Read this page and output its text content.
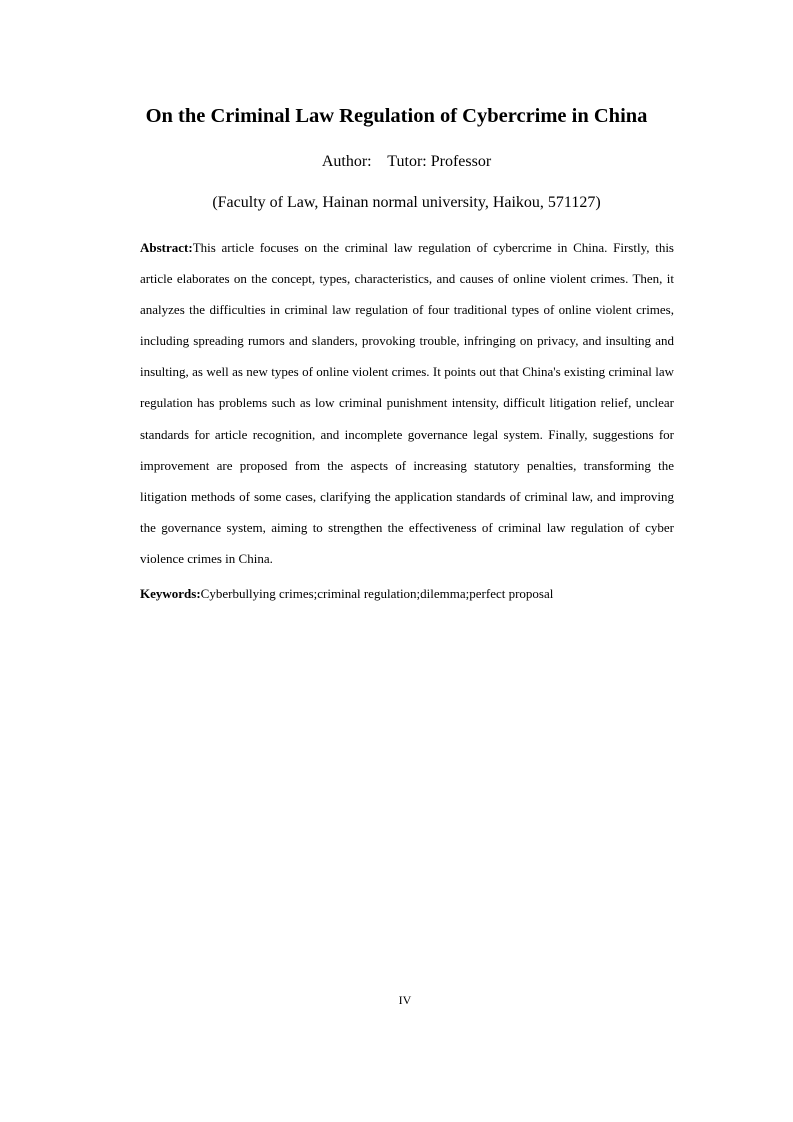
On the Criminal Law Regulation of Cybercrime in China
Author:    Tutor: Professor
(Faculty of Law, Hainan normal university, Haikou, 571127)

Abstract:This article focuses on the criminal law regulation of cybercrime in China. Firstly, this article elaborates on the concept, types, characteristics, and causes of online violent crimes. Then, it analyzes the difficulties in criminal law regulation of four traditional types of online violent crimes, including spreading rumors and slanders, provoking trouble, infringing on privacy, and insulting and insulting, as well as new types of online violent crimes. It points out that China's existing criminal law regulation has problems such as low criminal punishment intensity, difficult litigation relief, unclear standards for article recognition, and incomplete governance legal system. Finally, suggestions for improvement are proposed from the aspects of increasing statutory penalties, transforming the litigation methods of some cases, clarifying the application standards of criminal law, and improving the governance system, aiming to strengthen the effectiveness of criminal law regulation of cyber violence crimes in China.

Keywords:Cyberbullying crimes;criminal regulation;dilemma;perfect proposal

IV
